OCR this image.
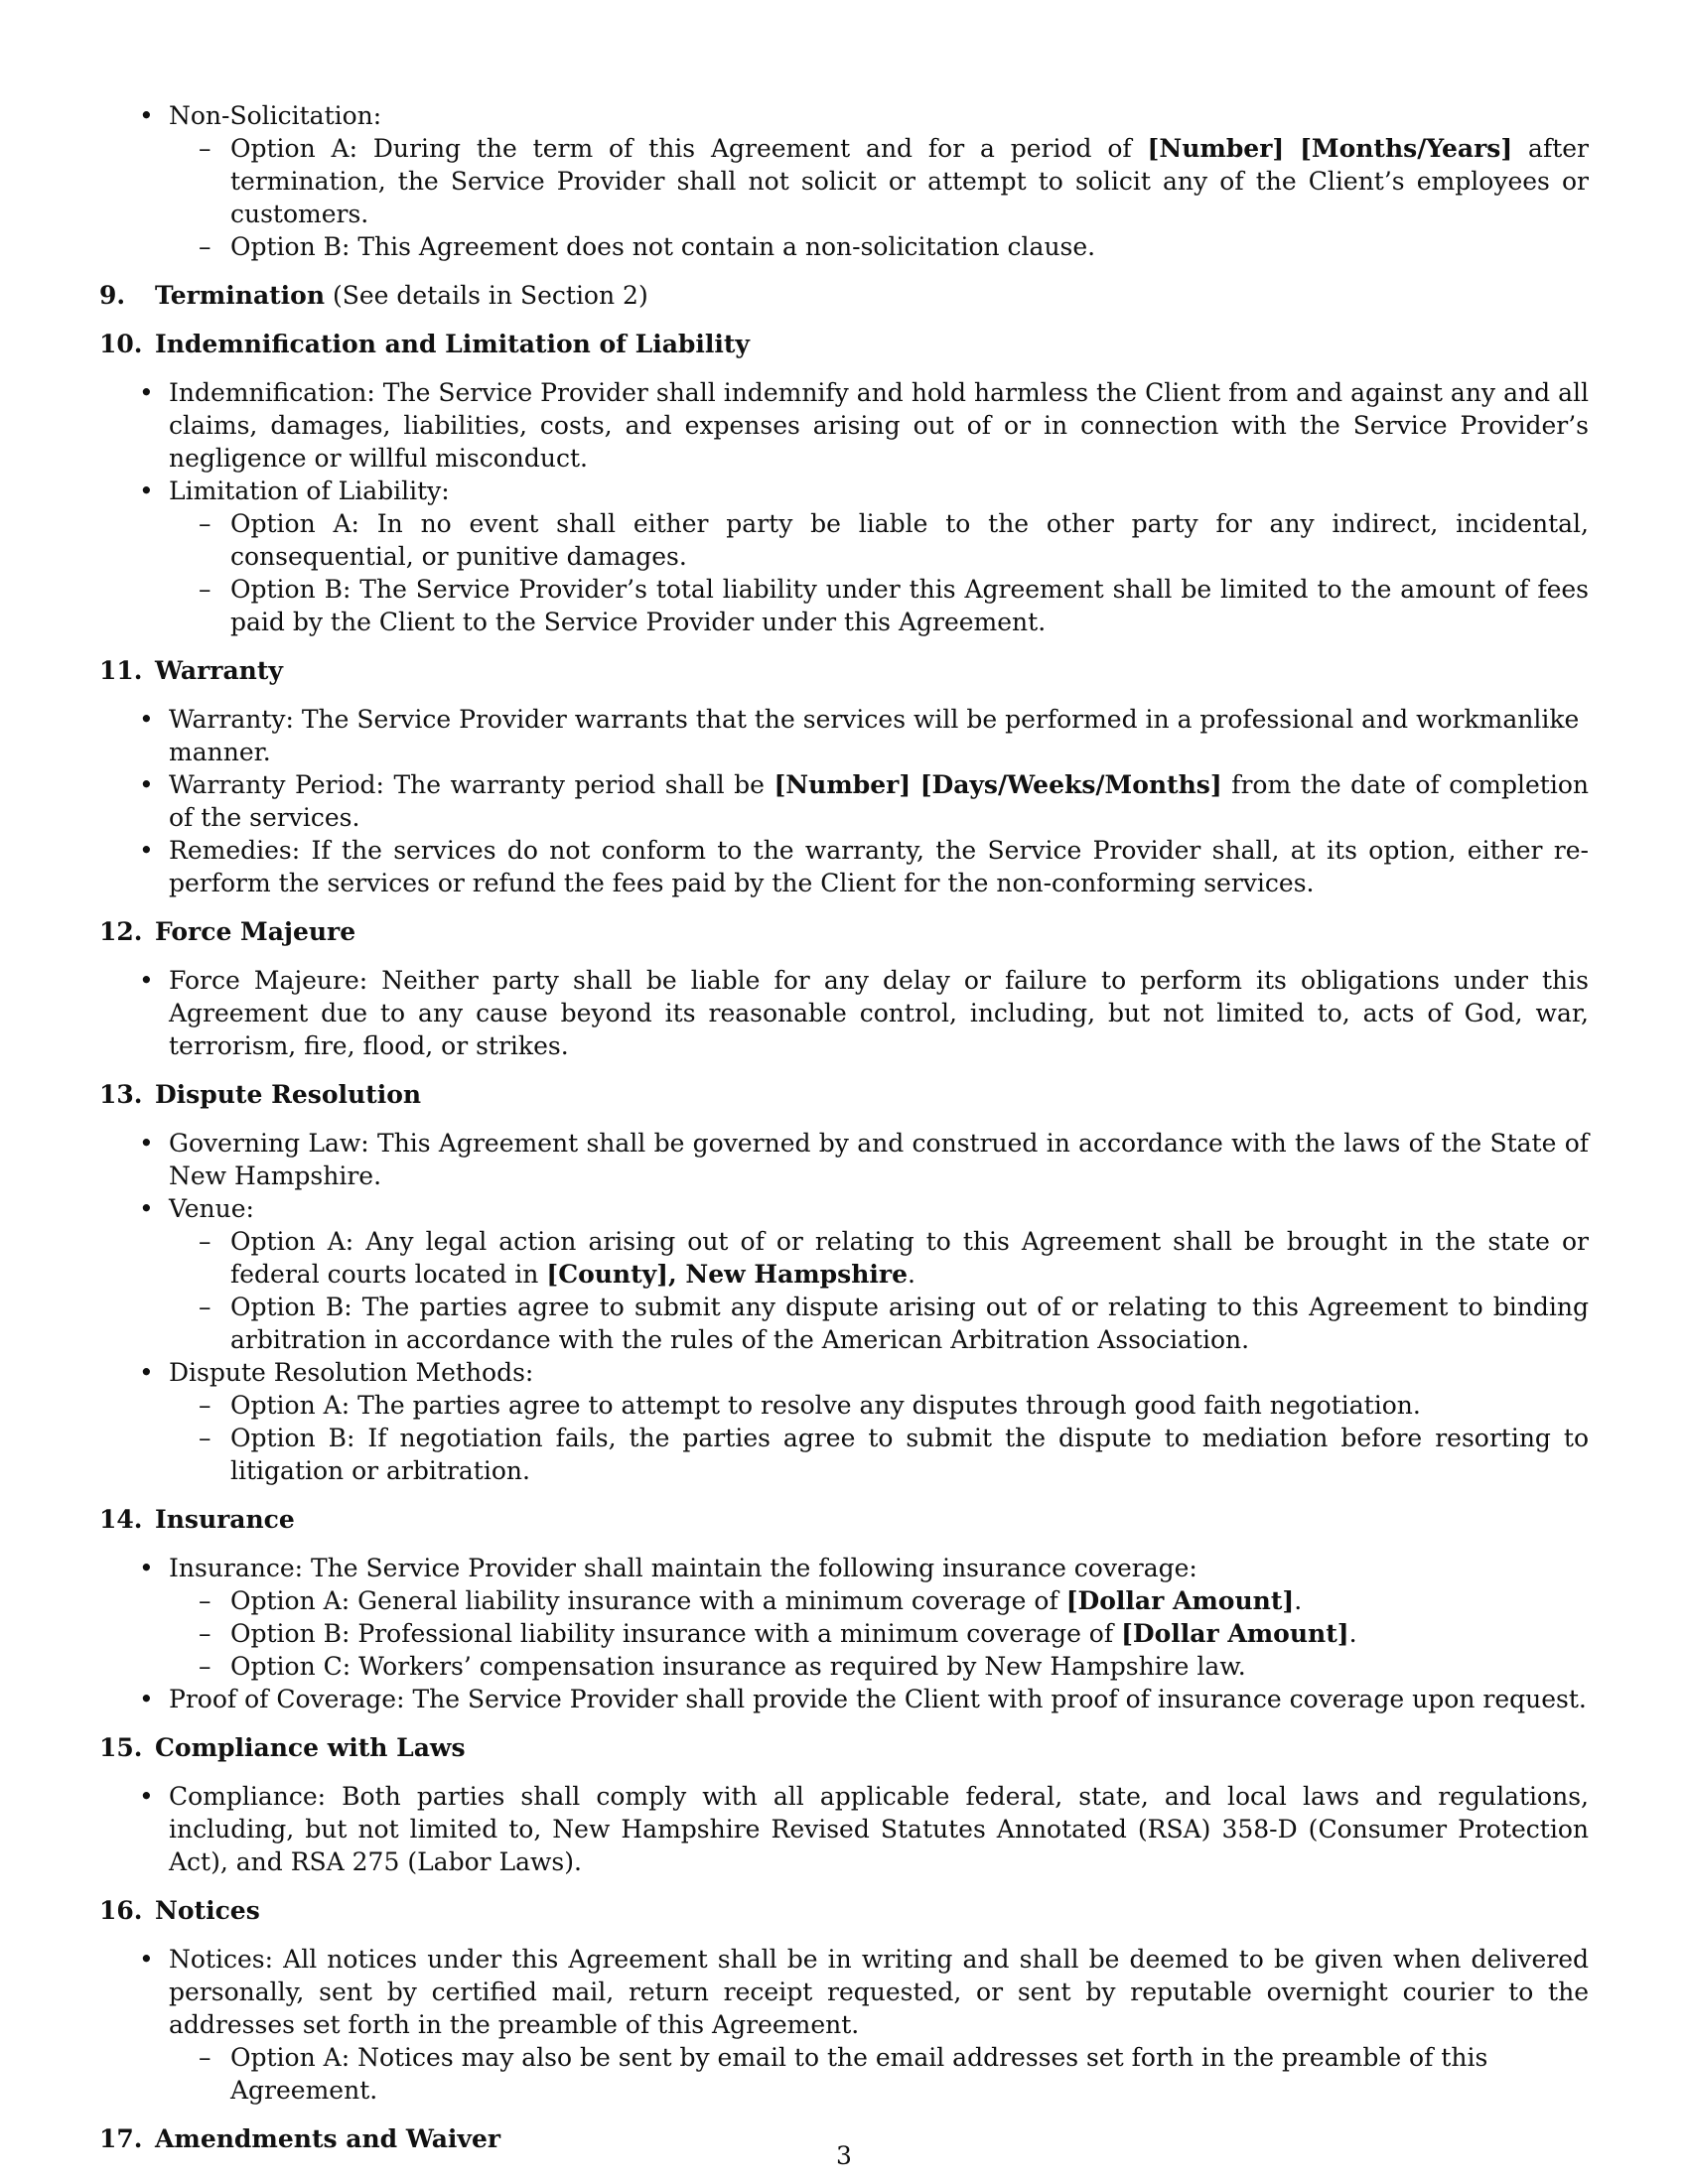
• Non-Solicitation:
– Option A: During the term of this Agreement and for a period of [Number] [Months/Years] after termination, the Service Provider shall not solicit or attempt to solicit any of the Client’s employees or customers.
– Option B: This Agreement does not contain a non-solicitation clause.
9. Termination (See details in Section 2)
10. Indemnification and Limitation of Liability
• Indemnification: The Service Provider shall indemnify and hold harmless the Client from and against any and all claims, damages, liabilities, costs, and expenses arising out of or in connection with the Service Provider’s negligence or willful misconduct.
• Limitation of Liability:
– Option A: In no event shall either party be liable to the other party for any indirect, incidental, consequential, or punitive damages.
– Option B: The Service Provider’s total liability under this Agreement shall be limited to the amount of fees paid by the Client to the Service Provider under this Agreement.
11. Warranty
• Warranty: The Service Provider warrants that the services will be performed in a professional and workmanlike manner.
• Warranty Period: The warranty period shall be [Number] [Days/Weeks/Months] from the date of completion of the services.
• Remedies: If the services do not conform to the warranty, the Service Provider shall, at its option, either re-perform the services or refund the fees paid by the Client for the non-conforming services.
12. Force Majeure
• Force Majeure: Neither party shall be liable for any delay or failure to perform its obligations under this Agreement due to any cause beyond its reasonable control, including, but not limited to, acts of God, war, terrorism, fire, flood, or strikes.
13. Dispute Resolution
• Governing Law: This Agreement shall be governed by and construed in accordance with the laws of the State of New Hampshire.
• Venue:
– Option A: Any legal action arising out of or relating to this Agreement shall be brought in the state or federal courts located in [County], New Hampshire.
– Option B: The parties agree to submit any dispute arising out of or relating to this Agreement to binding arbitration in accordance with the rules of the American Arbitration Association.
• Dispute Resolution Methods:
– Option A: The parties agree to attempt to resolve any disputes through good faith negotiation.
– Option B: If negotiation fails, the parties agree to submit the dispute to mediation before resorting to litigation or arbitration.
14. Insurance
• Insurance: The Service Provider shall maintain the following insurance coverage:
– Option A: General liability insurance with a minimum coverage of [Dollar Amount].
– Option B: Professional liability insurance with a minimum coverage of [Dollar Amount].
– Option C: Workers’ compensation insurance as required by New Hampshire law.
• Proof of Coverage: The Service Provider shall provide the Client with proof of insurance coverage upon request.
15. Compliance with Laws
• Compliance: Both parties shall comply with all applicable federal, state, and local laws and regulations, including, but not limited to, New Hampshire Revised Statutes Annotated (RSA) 358-D (Consumer Protection Act), and RSA 275 (Labor Laws).
16. Notices
• Notices: All notices under this Agreement shall be in writing and shall be deemed to be given when delivered personally, sent by certified mail, return receipt requested, or sent by reputable overnight courier to the addresses set forth in the preamble of this Agreement.
– Option A: Notices may also be sent by email to the email addresses set forth in the preamble of this Agreement.
17. Amendments and Waiver
3
